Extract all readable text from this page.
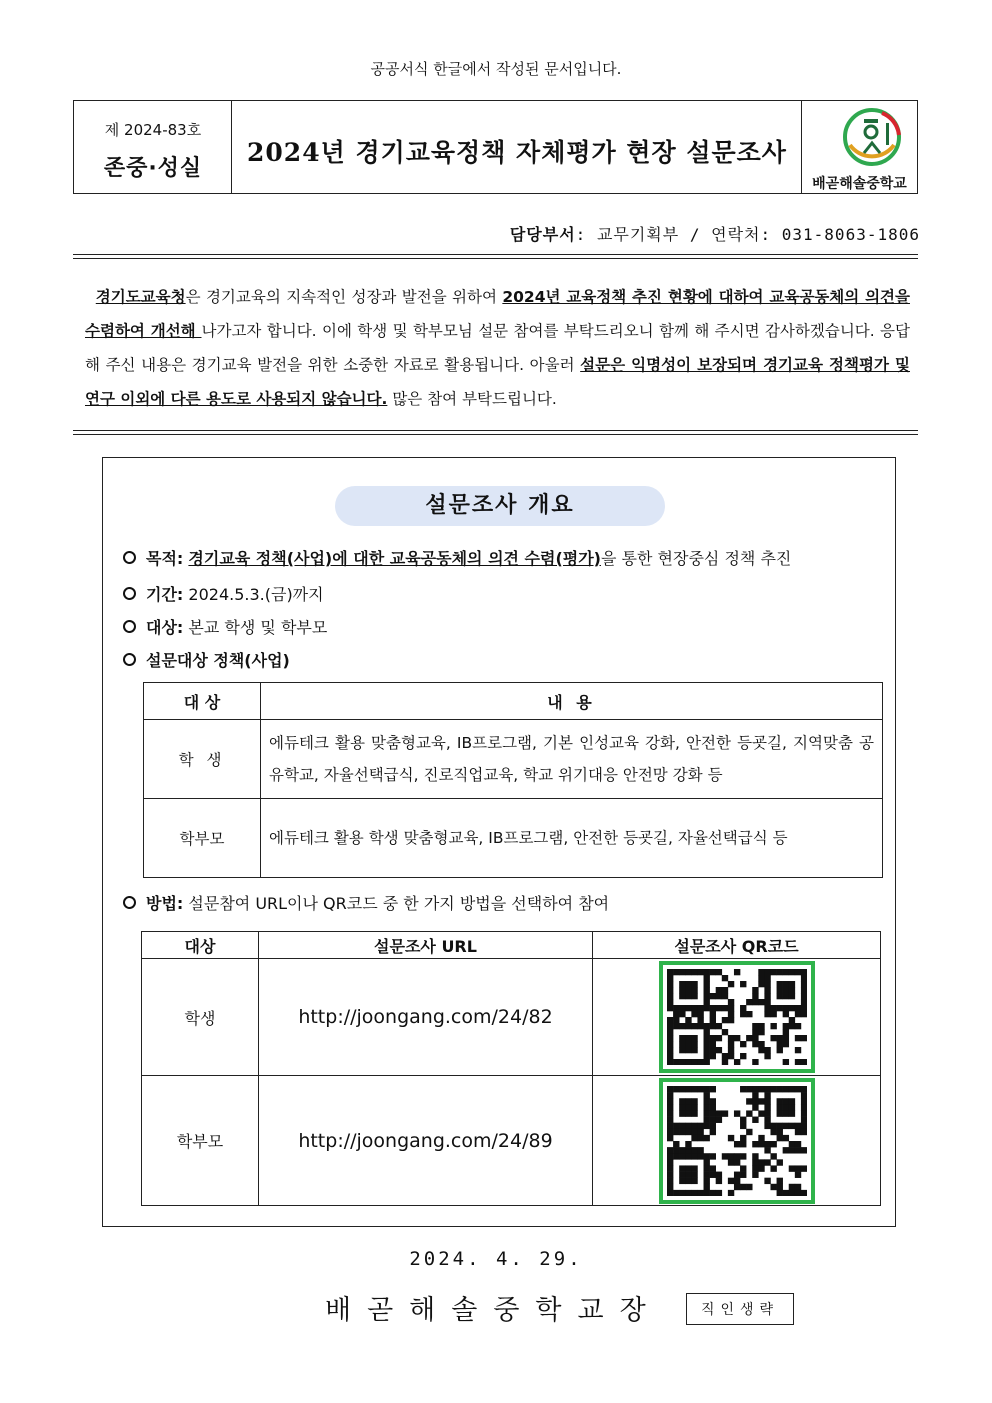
공공서식 한글에서 작성된 문서입니다.
제 2024-83호
존중·성실
2024년 경기교육정책 자체평가 현장 설문조사
배곧해솔중학교
담당부서: 교무기획부 / 연락처: 031-8063-1806
경기도교육청은 경기교육의 지속적인 성장과 발전을 위하여 2024년 교육정책 추진 현황에 대하여 교육공동체의 의견을 수렴하여 개선해 나가고자 합니다. 이에 학생 및 학부모님 설문 참여를 부탁드리오니 함께 해 주시면 감사하겠습니다. 응답해 주신 내용은 경기교육 발전을 위한 소중한 자료로 활용됩니다. 아울러 설문은 익명성이 보장되며 경기교육 정책평가 및 연구 이외에 다른 용도로 사용되지 않습니다. 많은 참여 부탁드립니다.
설문조사 개요
목적: 경기교육 정책(사업)에 대한 교육공동체의 의견 수렴(평가)을 통한 현장중심 정책 추진
기간: 2024.5.3.(금)까지
대상: 본교 학생 및 학부모
설문대상 정책(사업)
대 상	내 용
학 생	에듀테크 활용 맞춤형교육, IB프로그램, 기본 인성교육 강화, 안전한 등굣길, 지역맞춤 공유학교, 자율선택급식, 진로직업교육, 학교 위기대응 안전망 강화 등
학부모	에듀테크 활용 학생 맞춤형교육, IB프로그램, 안전한 등굣길, 자율선택급식 등
방법: 설문참여 URL이나 QR코드 중 한 가지 방법을 선택하여 참여
대상	설문조사 URL	설문조사 QR코드
학생	http://joongang.com/24/82	
학부모	http://joongang.com/24/89	
2024. 4. 29.
배곧해솔중학교장	직인생략
